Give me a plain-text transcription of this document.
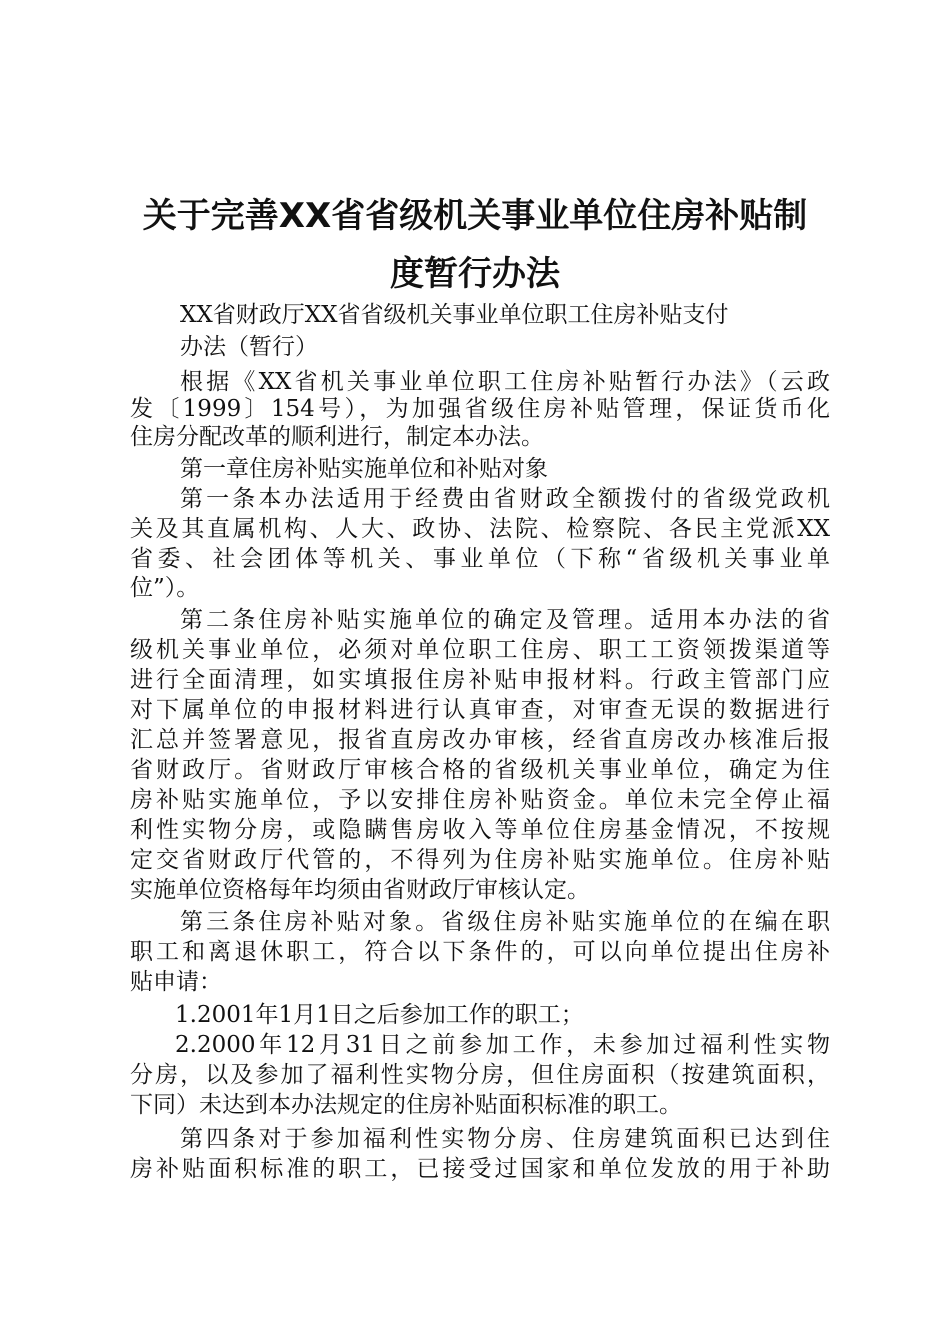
关于完善XX省省级机关事业单位住房补贴制
度暂行办法
XX省财政厅XX省省级机关事业单位职工住房补贴支付
办法（暂行）
根据《XX省机关事业单位职工住房补贴暂行办法》（云政
发〔1999〕154号），为加强省级住房补贴管理，保证货币化
住房分配改革的顺利进行，制定本办法。
第一章住房补贴实施单位和补贴对象
第一条本办法适用于经费由省财政全额拨付的省级党政机
关及其直属机构、人大、政协、法院、检察院、各民主党派XX
省委、社会团体等机关、事业单位（下称“省级机关事业单
位”）。
第二条住房补贴实施单位的确定及管理。适用本办法的省
级机关事业单位，必须对单位职工住房、职工工资领拨渠道等
进行全面清理，如实填报住房补贴申报材料。行政主管部门应
对下属单位的申报材料进行认真审查，对审查无误的数据进行
汇总并签署意见，报省直房改办审核，经省直房改办核准后报
省财政厅。省财政厅审核合格的省级机关事业单位，确定为住
房补贴实施单位，予以安排住房补贴资金。单位未完全停止福
利性实物分房，或隐瞒售房收入等单位住房基金情况，不按规
定交省财政厅代管的，不得列为住房补贴实施单位。住房补贴
实施单位资格每年均须由省财政厅审核认定。
第三条住房补贴对象。省级住房补贴实施单位的在编在职
职工和离退休职工，符合以下条件的，可以向单位提出住房补
贴申请：
1.2001年1月1日之后参加工作的职工；
2.2000年12月31日之前参加工作，未参加过福利性实物
分房，以及参加了福利性实物分房，但住房面积（按建筑面积，
下同）未达到本办法规定的住房补贴面积标准的职工。
第四条对于参加福利性实物分房、住房建筑面积已达到住
房补贴面积标准的职工，已接受过国家和单位发放的用于补助
